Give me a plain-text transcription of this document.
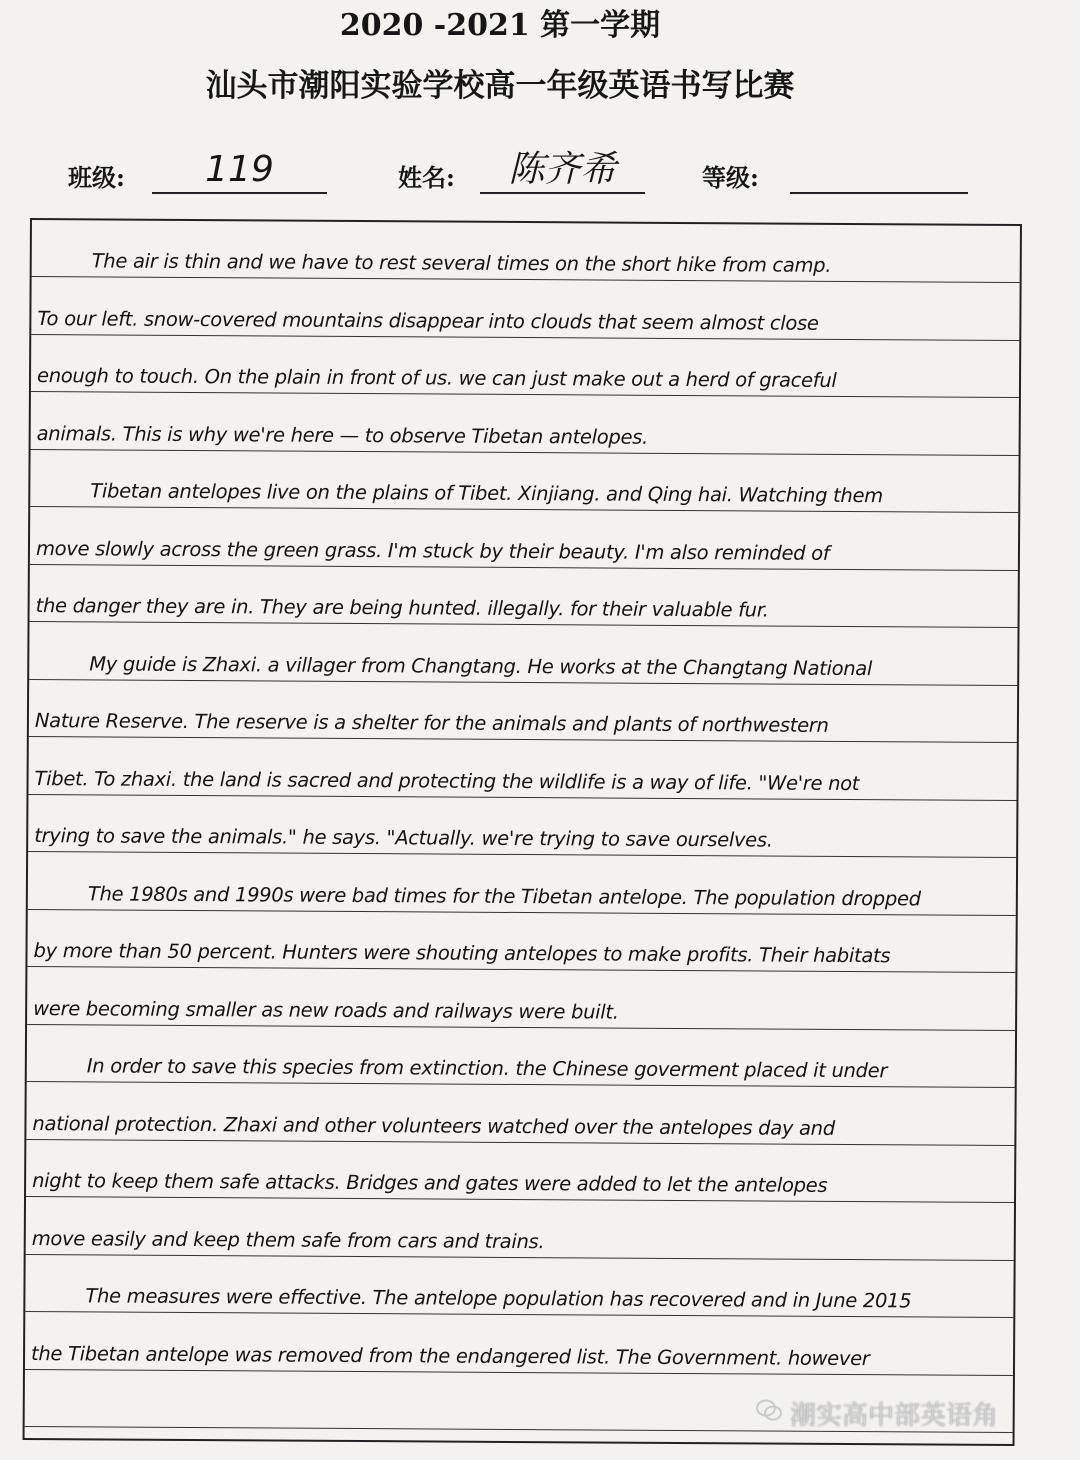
2020 -2021 第一学期
汕头市潮阳实验学校高一年级英语书写比赛
班级:	119	姓名:	陈齐希	等级:
The air is thin and we have to rest several times on the short hike from camp.
To our left. snow-covered mountains disappear into clouds that seem almost close
enough to touch. On the plain in front of us. we can just make out a herd of graceful
animals. This is why we're here — to observe Tibetan antelopes.
Tibetan antelopes live on the plains of Tibet. Xinjiang. and Qing hai. Watching them
move slowly across the green grass. I'm stuck by their beauty. I'm also reminded of
the danger they are in. They are being hunted. illegally. for their valuable fur.
My guide is Zhaxi. a villager from Changtang. He works at the Changtang National
Nature Reserve. The reserve is a shelter for the animals and plants of northwestern
Tibet. To zhaxi. the land is sacred and protecting the wildlife is a way of life. "We're not
trying to save the animals." he says. "Actually. we're trying to save ourselves.
The 1980s and 1990s were bad times for the Tibetan antelope. The population dropped
by more than 50 percent. Hunters were shouting antelopes to make profits. Their habitats
were becoming smaller as new roads and railways were built.
In order to save this species from extinction. the Chinese goverment placed it under
national protection. Zhaxi and other volunteers watched over the antelopes day and
night to keep them safe attacks. Bridges and gates were added to let the antelopes
move easily and keep them safe from cars and trains.
The measures were effective. The antelope population has recovered and in June 2015
the Tibetan antelope was removed from the endangered list. The Government. however
潮实高中部英语角
